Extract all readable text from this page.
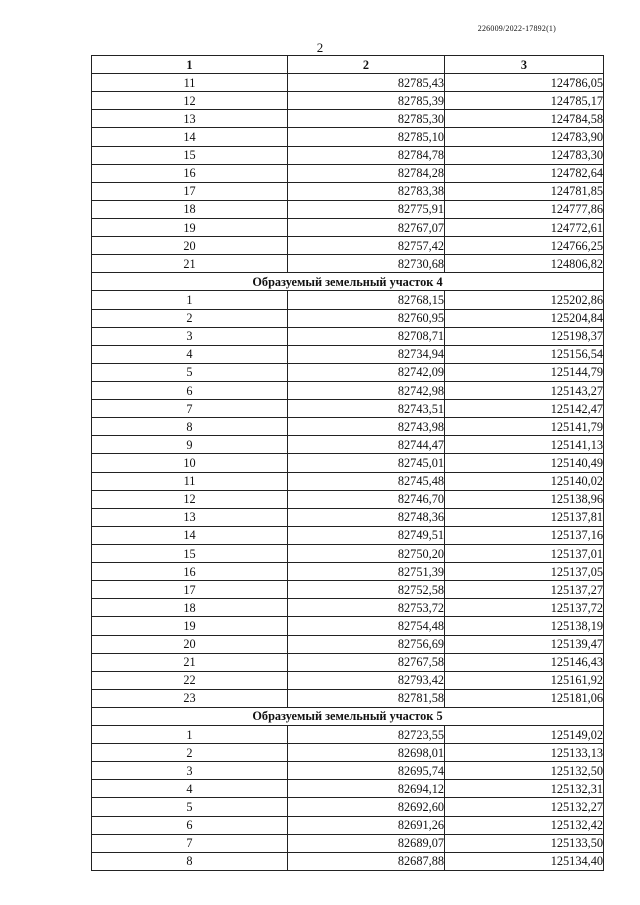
226009/2022-17892(1)
2
1	2	3
11	82785,43	124786,05
12	82785,39	124785,17
13	82785,30	124784,58
14	82785,10	124783,90
15	82784,78	124783,30
16	82784,28	124782,64
17	82783,38	124781,85
18	82775,91	124777,86
19	82767,07	124772,61
20	82757,42	124766,25
21	82730,68	124806,82
Образуемый земельный участок 4		
1	82768,15	125202,86
2	82760,95	125204,84
3	82708,71	125198,37
4	82734,94	125156,54
5	82742,09	125144,79
6	82742,98	125143,27
7	82743,51	125142,47
8	82743,98	125141,79
9	82744,47	125141,13
10	82745,01	125140,49
11	82745,48	125140,02
12	82746,70	125138,96
13	82748,36	125137,81
14	82749,51	125137,16
15	82750,20	125137,01
16	82751,39	125137,05
17	82752,58	125137,27
18	82753,72	125137,72
19	82754,48	125138,19
20	82756,69	125139,47
21	82767,58	125146,43
22	82793,42	125161,92
23	82781,58	125181,06
Образуемый земельный участок 5		
1	82723,55	125149,02
2	82698,01	125133,13
3	82695,74	125132,50
4	82694,12	125132,31
5	82692,60	125132,27
6	82691,26	125132,42
7	82689,07	125133,50
8	82687,88	125134,40
